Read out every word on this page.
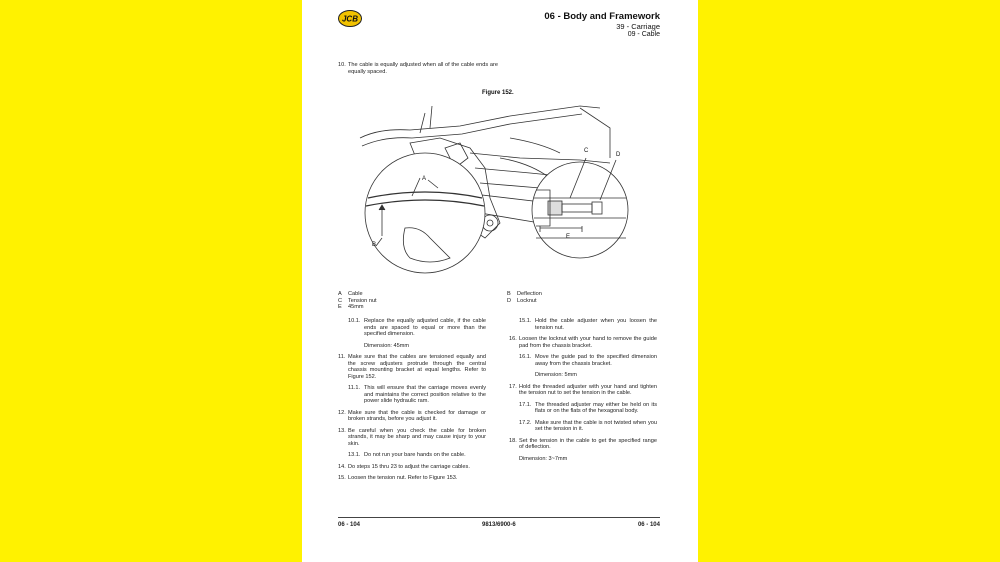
JCB	06 - Body and Framework
39 - Carriage
09 - Cable
10. The cable is equally adjusted when all of the cable ends are equally spaced.
Figure 152.
A
B
C
D
E
A Cable
C Tension nut
E 45mm
B Deflection
D Locknut
10.1. Replace the equally adjusted cable, if the cable ends are spaced to equal or more than the specified dimension.
Dimension: 45mm
11. Make sure that the cables are tensioned equally and the screw adjusters protrude through the central chassis mounting bracket at equal lengths. Refer to Figure 152.
11.1. This will ensure that the carriage moves evenly and maintains the correct position relative to the power slide hydraulic ram.
12. Make sure that the cable is checked for damage or broken strands, before you adjust it.
13. Be careful when you check the cable for broken strands, it may be sharp and may cause injury to your skin.
13.1. Do not run your bare hands on the cable.
14. Do steps 15 thru 23 to adjust the carriage cables.
15. Loosen the tension nut. Refer to Figure 153.
15.1. Hold the cable adjuster when you loosen the tension nut.
16. Loosen the locknut with your hand to remove the guide pad from the chassis bracket.
16.1. Move the guide pad to the specified dimension away from the chassis bracket.
Dimension: 5mm
17. Hold the threaded adjuster with your hand and tighten the tension nut to set the tension in the cable.
17.1. The threaded adjuster may either be held on its flats or on the flats of the hexagonal body.
17.2. Make sure that the cable is not twisted when you set the tension in it.
18. Set the tension in the cable to get the specified range of deflection.
Dimension: 3~7mm
06 - 104	9813/6900-6	06 - 104
